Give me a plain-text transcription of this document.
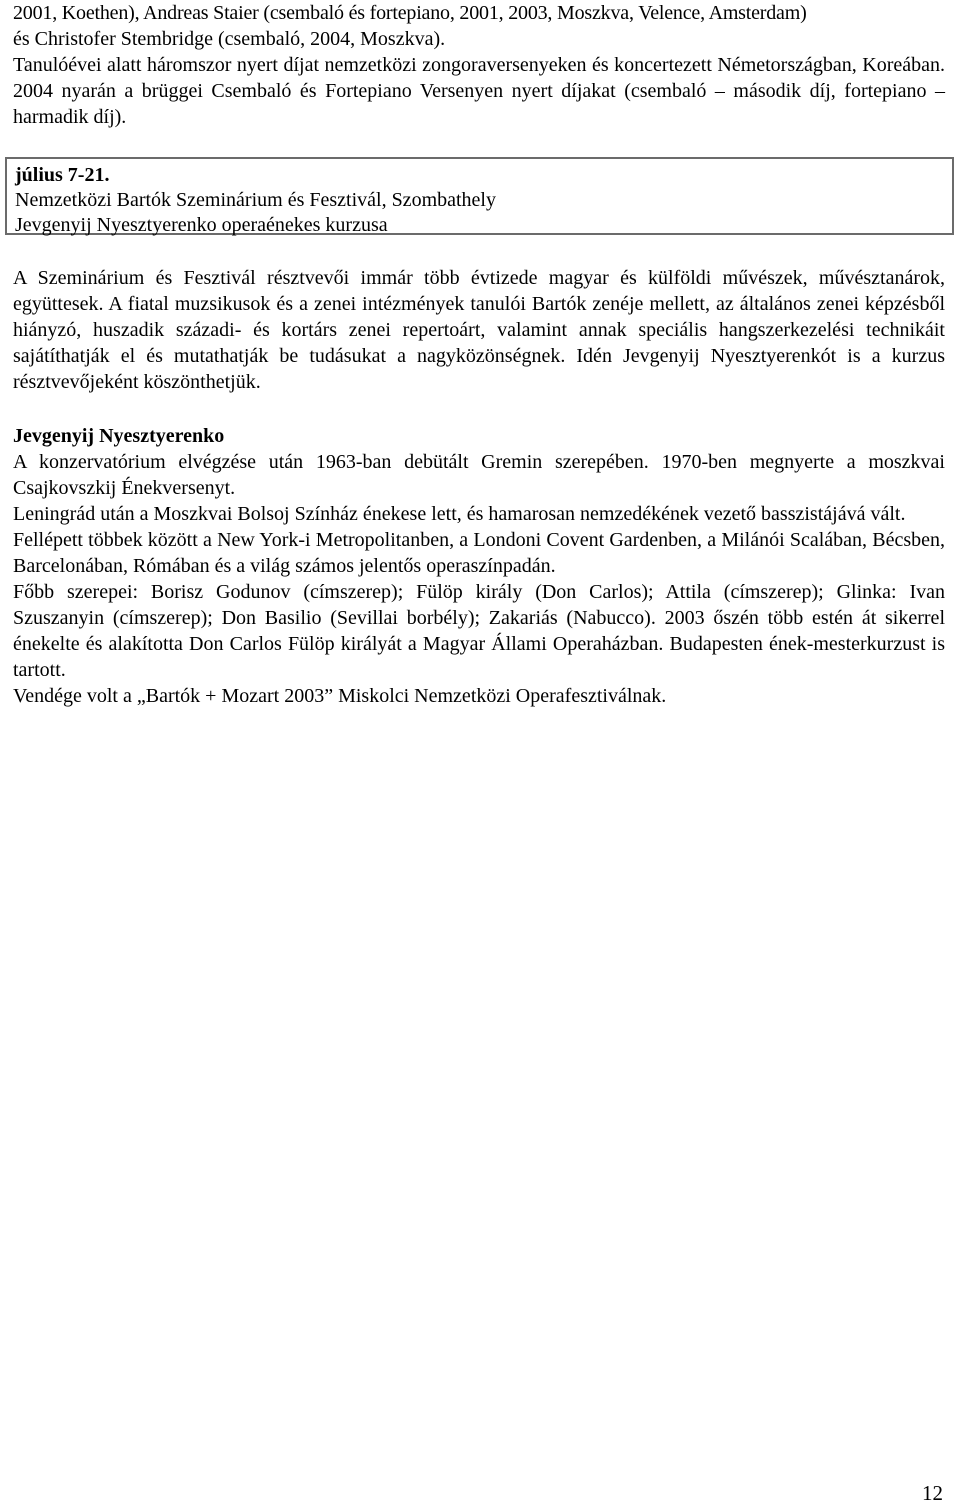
2001, Koethen), Andreas Staier (csembaló és fortepiano, 2001, 2003, Moszkva, Velence, Amsterdam)

és Christofer Stembridge (csembaló, 2004, Moszkva).

Tanulóévei alatt háromszor nyert díjat nemzetközi zongoraversenyeken és koncertezett Németországban, Koreában. 2004 nyarán a brüggei Csembaló és Fortepiano Versenyen nyert díjakat (csembaló – második díj, fortepiano – harmadik díj).

július 7-21.

Nemzetközi Bartók Szeminárium és Fesztivál, Szombathely

Jevgenyij Nyesztyerenko operaénekes kurzusa

A Szeminárium és Fesztivál résztvevői immár több évtizede magyar és külföldi művészek, művésztanárok, együttesek. A fiatal muzsikusok és a zenei intézmények tanulói Bartók zenéje mellett, az általános zenei képzésből hiányzó, huszadik századi- és kortárs zenei repertoárt, valamint annak speciális hangszerkezelési technikáit sajátíthatják el és mutathatják be tudásukat a nagyközönségnek. Idén Jevgenyij Nyesztyerenkót is a kurzus résztvevőjeként köszönthetjük.

Jevgenyij Nyesztyerenko

A konzervatórium elvégzése után 1963-ban debütált Gremin szerepében. 1970-ben megnyerte a moszkvai Csajkovszkij Énekversenyt.

Leningrád után a Moszkvai Bolsoj Színház énekese lett, és hamarosan nemzedékének vezető basszistájává vált.

Fellépett többek között a New York-i Metropolitanben, a Londoni Covent Gardenben, a Milánói Scalában, Bécsben, Barcelonában, Rómában és a világ számos jelentős operaszínpadán.

Főbb szerepei: Borisz Godunov (címszerep); Fülöp király (Don Carlos); Attila (címszerep); Glinka: Ivan Szuszanyin (címszerep); Don Basilio (Sevillai borbély); Zakariás (Nabucco). 2003 őszén több estén át sikerrel énekelte és alakította Don Carlos Fülöp királyát a Magyar Állami Operaházban. Budapesten ének-mesterkurzust is tartott.

Vendége volt a „Bartók + Mozart 2003” Miskolci Nemzetközi Operafesztiválnak.

12
